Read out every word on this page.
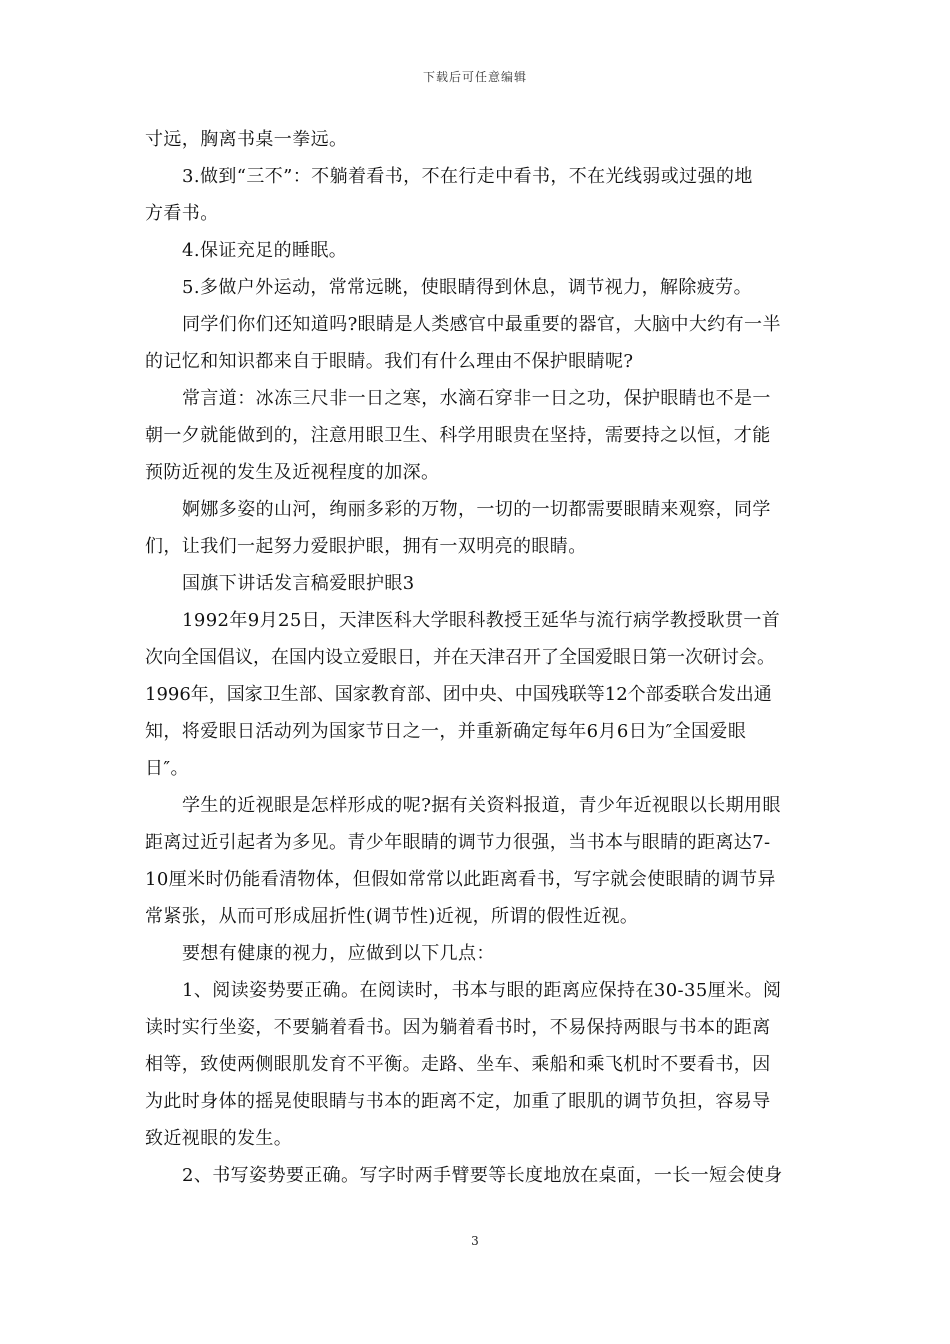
下载后可任意编辑
寸远，胸离书桌一拳远。
3.做到“三不”：不躺着看书，不在行走中看书，不在光线弱或过强的地
方看书。
4.保证充足的睡眠。
5.多做户外运动，常常远眺，使眼睛得到休息，调节视力，解除疲劳。
同学们你们还知道吗?眼睛是人类感官中最重要的器官，大脑中大约有一半
的记忆和知识都来自于眼睛。我们有什么理由不保护眼睛呢?
常言道：冰冻三尺非一日之寒，水滴石穿非一日之功，保护眼睛也不是一
朝一夕就能做到的，注意用眼卫生、科学用眼贵在坚持，需要持之以恒，才能
预防近视的发生及近视程度的加深。
婀娜多姿的山河，绚丽多彩的万物，一切的一切都需要眼睛来观察，同学
们，让我们一起努力爱眼护眼，拥有一双明亮的眼睛。
国旗下讲话发言稿爱眼护眼3
1992年9月25日，天津医科大学眼科教授王延华与流行病学教授耿贯一首
次向全国倡议，在国内设立爱眼日，并在天津召开了全国爱眼日第一次研讨会。
1996年，国家卫生部、国家教育部、团中央、中国残联等12个部委联合发出通
知，将爱眼日活动列为国家节日之一，并重新确定每年6月6日为″全国爱眼
日″。
学生的近视眼是怎样形成的呢?据有关资料报道，青少年近视眼以长期用眼
距离过近引起者为多见。青少年眼睛的调节力很强，当书本与眼睛的距离达7-
10厘米时仍能看清物体，但假如常常以此距离看书，写字就会使眼睛的调节异
常紧张，从而可形成屈折性(调节性)近视，所谓的假性近视。
要想有健康的视力，应做到以下几点：
1、阅读姿势要正确。在阅读时，书本与眼的距离应保持在30-35厘米。阅
读时实行坐姿，不要躺着看书。因为躺着看书时，不易保持两眼与书本的距离
相等，致使两侧眼肌发育不平衡。走路、坐车、乘船和乘飞机时不要看书，因
为此时身体的摇晃使眼睛与书本的距离不定，加重了眼肌的调节负担，容易导
致近视眼的发生。
2、书写姿势要正确。写字时两手臂要等长度地放在桌面，一长一短会使身
3
